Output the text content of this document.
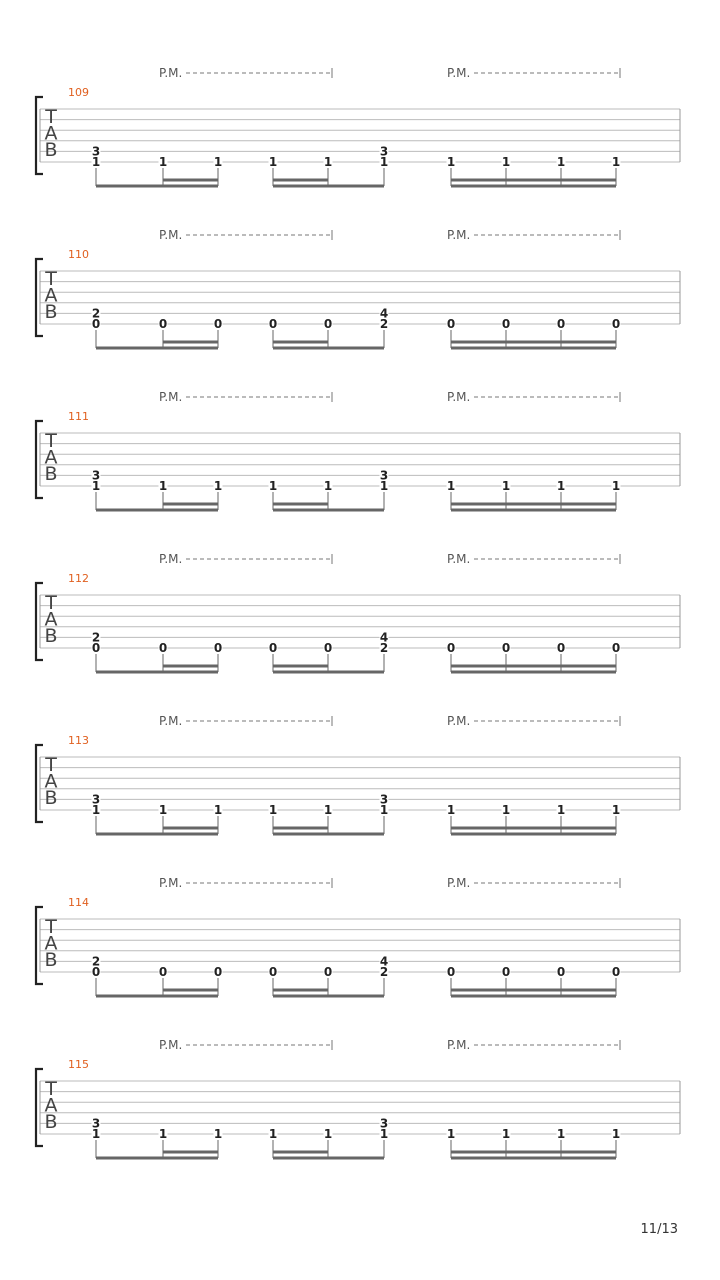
P.M.	P.M.
109
T
A
B
1
3
1	1	1	1	1
3
1	1	1	1
P.M.	P.M.
110
T
A
B
0
2
0	0	0	0	2
4
0	0	0	0
P.M.	P.M.
111
T
A
B
1
3
1	1	1	1	1
3
1	1	1	1
P.M.	P.M.
112
T
A
B
0
2
0	0	0	0	2
4
0	0	0	0
P.M.	P.M.
113
T
A
B
1
3
1	1	1	1	1
3
1	1	1	1
P.M.	P.M.
114
T
A
B
0
2
0	0	0	0	2
4
0	0	0	0
P.M.	P.M.
115
T
A
B
1
3
1	1	1	1	1
3
1	1	1	1
11/13
